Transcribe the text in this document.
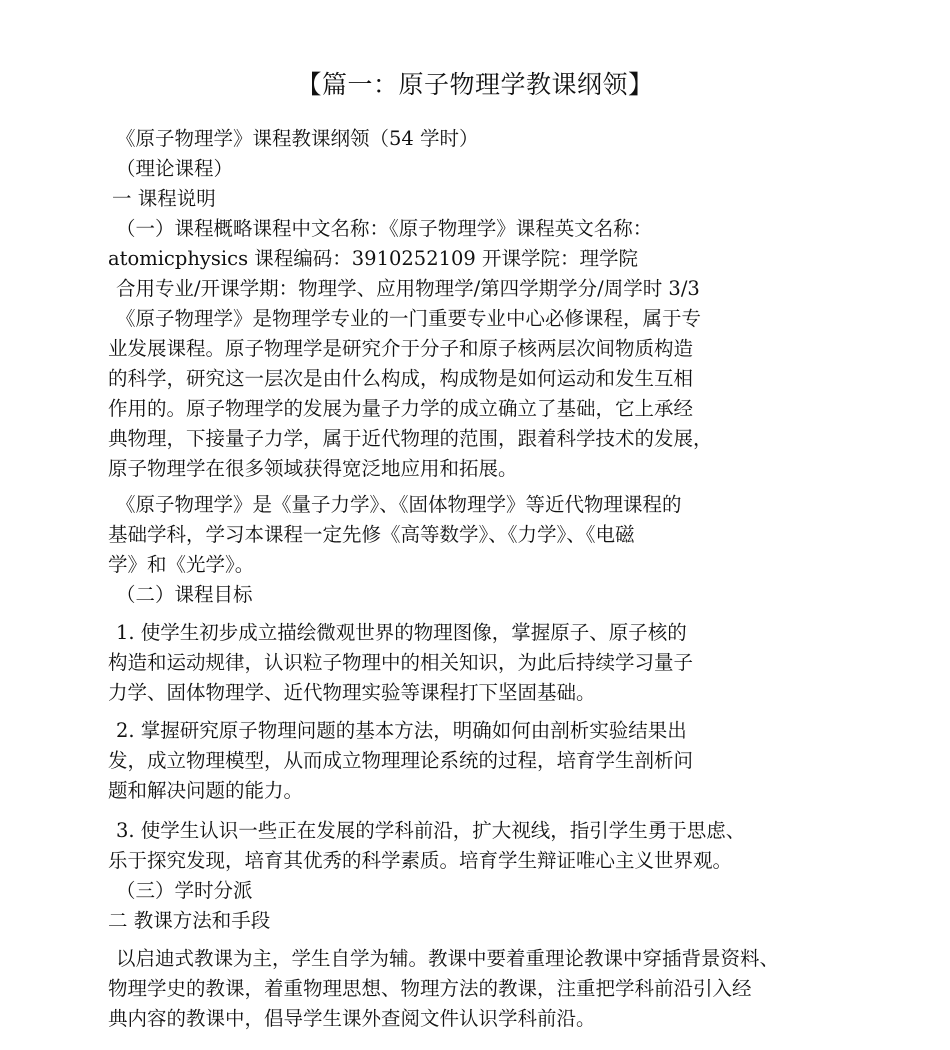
【篇一：原子物理学教课纲领】
《原子物理学》课程教课纲领（54 学时）
（理论课程）
一 课程说明
（一）课程概略课程中文名称：《原子物理学》课程英文名称：
atomicphysics 课程编码：3910252109 开课学院：理学院
合用专业/开课学期：物理学、应用物理学/第四学期学分/周学时 3/3
《原子物理学》是物理学专业的一门重要专业中心必修课程，属于专
业发展课程。原子物理学是研究介于分子和原子核两层次间物质构造
的科学，研究这一层次是由什么构成，构成物是如何运动和发生互相
作用的。原子物理学的发展为量子力学的成立确立了基础，它上承经
典物理，下接量子力学，属于近代物理的范围，跟着科学技术的发展，
原子物理学在很多领域获得宽泛地应用和拓展。
《原子物理学》是《量子力学》、《固体物理学》等近代物理课程的
基础学科，学习本课程一定先修《高等数学》、《力学》、《电磁
学》和《光学》。
（二）课程目标
1. 使学生初步成立描绘微观世界的物理图像，掌握原子、原子核的
构造和运动规律，认识粒子物理中的相关知识，为此后持续学习量子
力学、固体物理学、近代物理实验等课程打下坚固基础。
2. 掌握研究原子物理问题的基本方法，明确如何由剖析实验结果出
发，成立物理模型，从而成立物理理论系统的过程，培育学生剖析问
题和解决问题的能力。
3. 使学生认识一些正在发展的学科前沿，扩大视线，指引学生勇于思虑、
乐于探究发现，培育其优秀的科学素质。培育学生辩证唯心主义世界观。
（三）学时分派
二 教课方法和手段
以启迪式教课为主，学生自学为辅。教课中要着重理论教课中穿插背景资料、
物理学史的教课，着重物理思想、物理方法的教课，注重把学科前沿引入经
典内容的教课中，倡导学生课外查阅文件认识学科前沿。
